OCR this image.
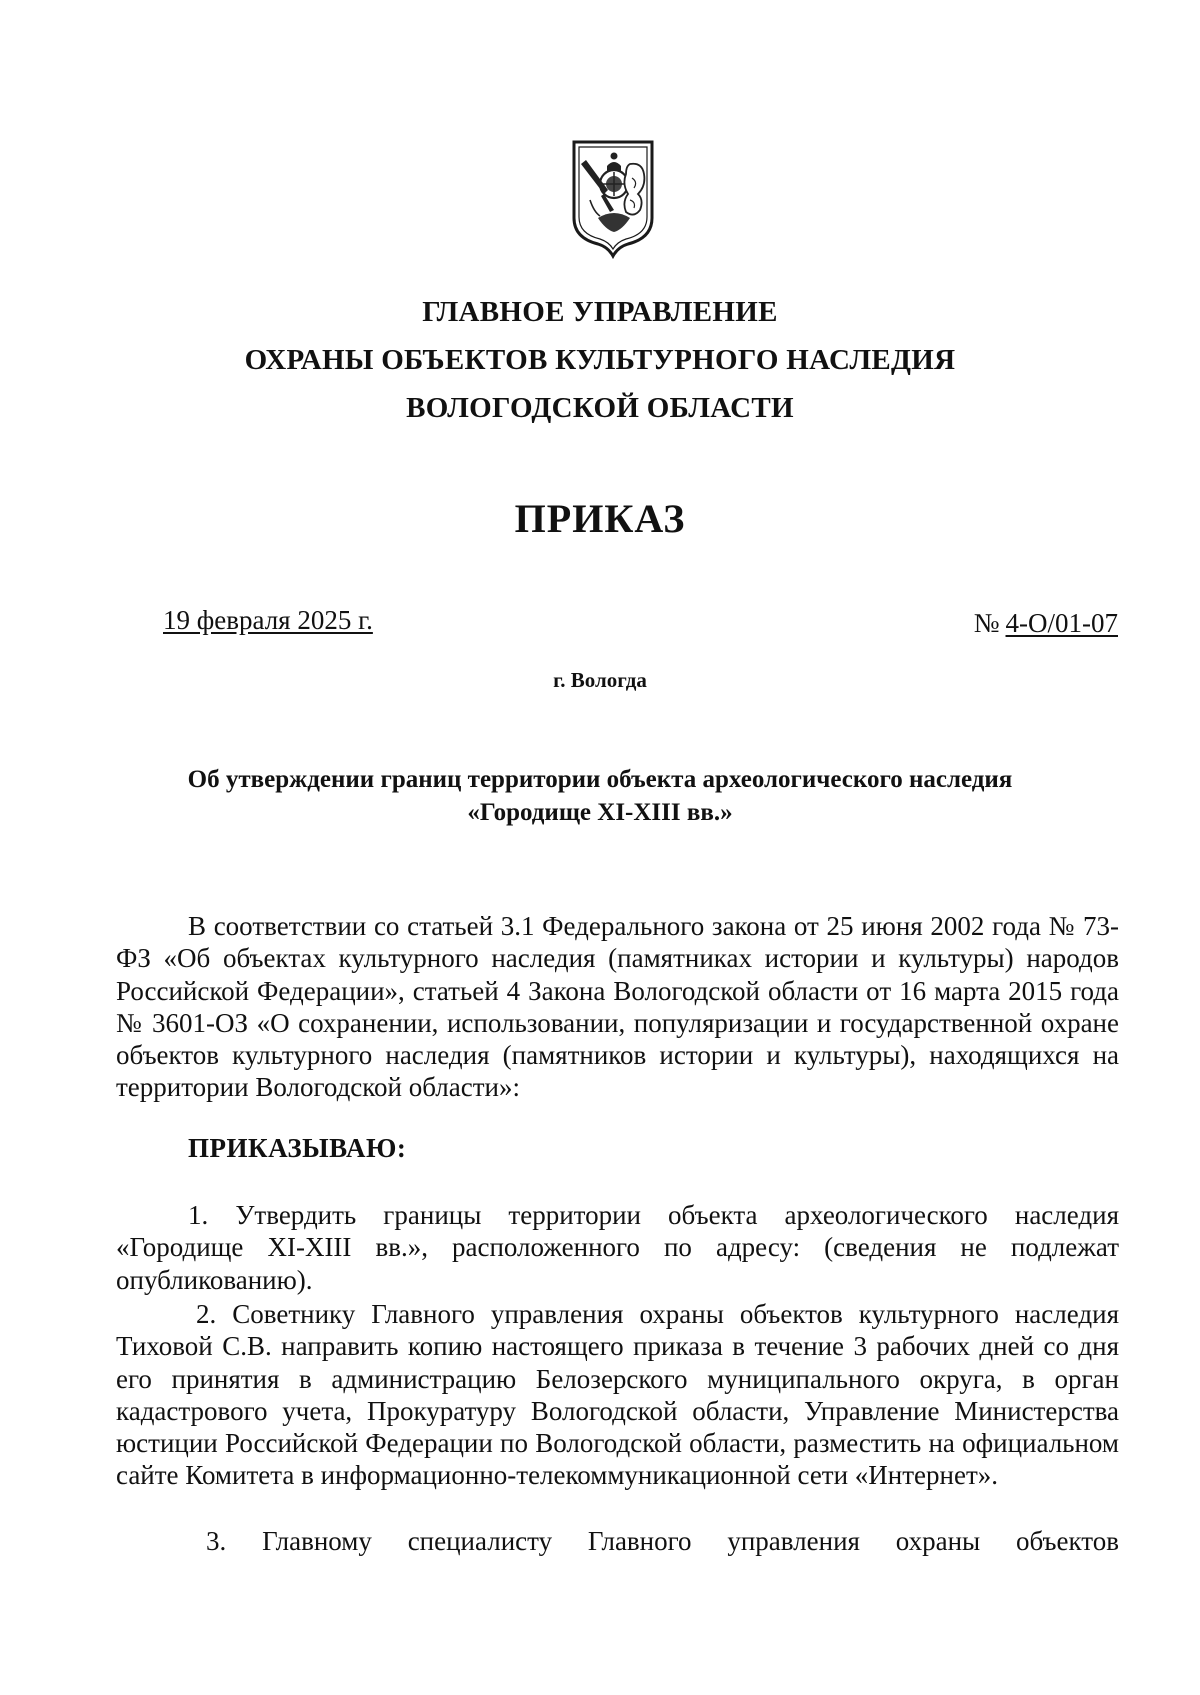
ГЛАВНОЕ УПРАВЛЕНИЕ
ОХРАНЫ ОБЪЕКТОВ КУЛЬТУРНОГО НАСЛЕДИЯ
ВОЛОГОДСКОЙ ОБЛАСТИ
ПРИКАЗ
19 февраля 2025 г.	№ 4-О/01-07
г. Вологда
Об утверждении границ территории объекта археологического наследия
«Городище XI-XIII вв.»
В соответствии со статьей 3.1 Федерального закона от 25 июня 2002 года № 73-ФЗ «Об объектах культурного наследия (памятниках истории и культуры) народов Российской Федерации», статьей 4 Закона Вологодской области от 16 марта 2015 года № 3601-ОЗ «О сохранении, использовании, популяризации и государственной охране объектов культурного наследия (памятников истории и культуры), находящихся на территории Вологодской области»:
ПРИКАЗЫВАЮ:
1. Утвердить границы территории объекта археологического наследия «Городище XI-XIII вв.», расположенного по адресу: (сведения не подлежат опубликованию).
2. Советнику Главного управления охраны объектов культурного наследия Тиховой С.В. направить копию настоящего приказа в течение 3 рабочих дней со дня его принятия в администрацию Белозерского муниципального округа, в орган кадастрового учета, Прокуратуру Вологодской области, Управление Министерства юстиции Российской Федерации по Вологодской области, разместить на официальном сайте Комитета в информационно-телекоммуникационной сети «Интернет».
3. Главному специалисту Главного управления охраны объектов
